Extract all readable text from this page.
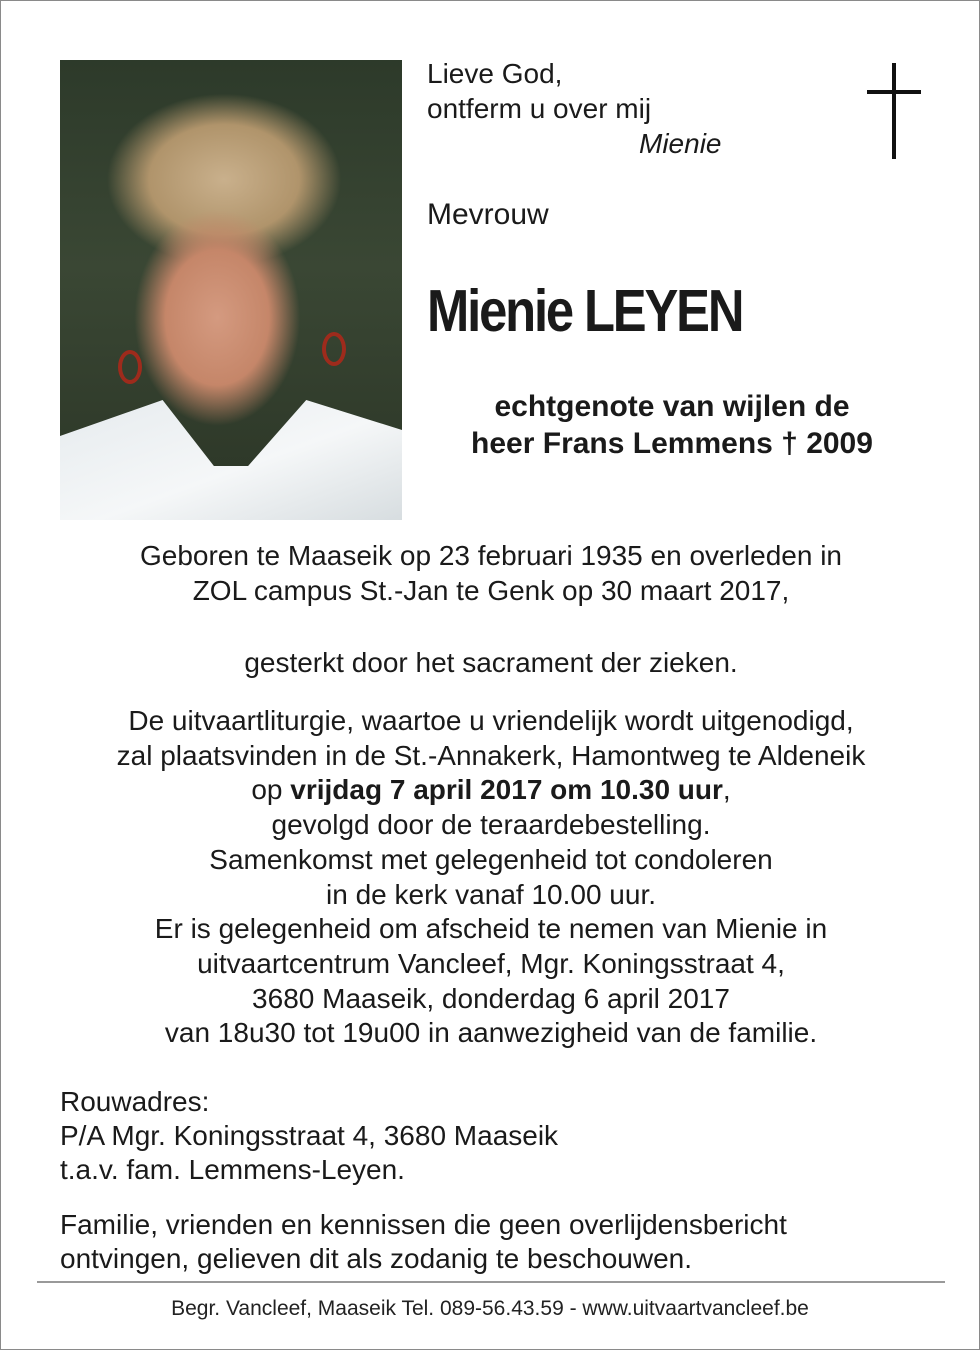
Lieve God,
ontferm u over mij
Mienie

Mevrouw

Mienie LEYEN

echtgenote van wijlen de
heer Frans Lemmens † 2009

Geboren te Maaseik op 23 februari 1935 en overleden in
ZOL campus St.-Jan te Genk op 30 maart 2017,

gesterkt door het sacrament der zieken.

De uitvaartliturgie, waartoe u vriendelijk wordt uitgenodigd,
zal plaatsvinden in de St.-Annakerk, Hamontweg te Aldeneik
op vrijdag 7 april 2017 om 10.30 uur,
gevolgd door de teraardebestelling.
Samenkomst met gelegenheid tot condoleren
in de kerk vanaf 10.00 uur.
Er is gelegenheid om afscheid te nemen van Mienie in
uitvaartcentrum Vancleef, Mgr. Koningsstraat 4,
3680 Maaseik, donderdag 6 april 2017
van 18u30 tot 19u00 in aanwezigheid van de familie.

Rouwadres:
P/A Mgr. Koningsstraat 4, 3680 Maaseik
t.a.v. fam. Lemmens-Leyen.

Familie, vrienden en kennissen die geen overlijdensbericht
ontvingen, gelieven dit als zodanig te beschouwen.

Begr. Vancleef, Maaseik Tel. 089-56.43.59 - www.uitvaartvancleef.be
